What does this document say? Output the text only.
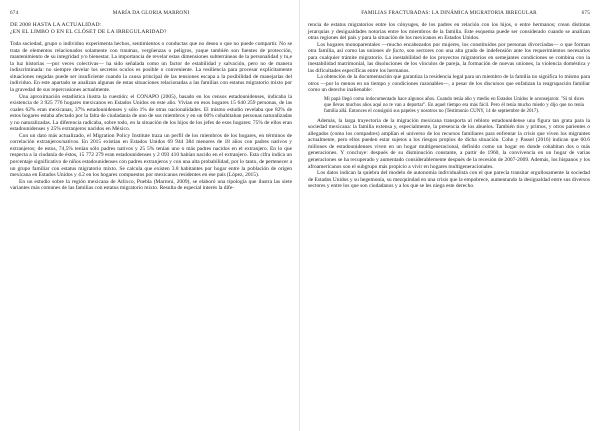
674	MARÍA DA GLORIA MARRONI
DE 2008 HASTA LA ACTUALIDAD:
¿EN EL LIMBO O EN EL CLÓSET DE LA IRREGULARIDAD?

Toda sociedad, grupo o individuo experimenta hechos, sentimientos o conductas que no desea o que no puede compartir. No se trata de elementos relacionados solamente con traumas, vergüenzas o peligros, yaque también son fuentes de protección, mantenimiento de su integridad y/o bienestar. La importancia de revelar estas dimensiones subterráneas de la personalidad y tu,e la luz historias —por veces colectivas— ha sido señalada como un factor de estabilidad y salvación, pero no de manera indiscriminada: no siempre develar los secretos oculos es posible o conveniente. La resiliencia para procesar explícitamente situaciones negadas puede ser insuficiente cuando la causa principal de las tensiones escapa a la posibilidad de manejarlas del individuo. En este apartado se analizan algunas de estas situaciones relacionadas a las familias con estatus migratorio mixto por la gravedad de sus repercusiones actualmente.

Una aproximación estadística ilustra la cuestión: el CONAPO (2005), basado en los censos estadounidenses, indicaba la existencia de 3 925 776 hogares mexicanos en Estados Unidos en este año. Vivían en esos hogares 15 640 259 personas, de las cuales 62% eran mexicanas, 37% estadounidenses y sólo 1% de otras nacionalidades. El mismo estudio revelaba que 82% de estos hogares estaba afectado por la falta de ciudadanía de uno de sus miembros y en un 60% cohabitaban personas naturalizadas y no naturalizadas. La diferencia radicaba, sobre todo, en la situación de los hijos de los jefes de esos hogares: 75% de ellos eran estadounidenses y 25% extranjeros nacidos en México.

Con un dato más actualizado, el Migration Policy Institute traza un perfil de los miembros de los hogares, en términos de correlación extranjeros/nativos. En 2015 existían en Estados Unidos 69 944 384 menores de 18 años con padres nativos y extranjeros; de estos, 74,5% tenían sólo padres nativos y 25 5% tenían uno o más padres nacidos en el extranjero. En lo que respecta a la ciudanía de éstos, 15 772 279 eran estadounidenses y 2 093 410 habían nacido en el extranjero. Esta cifra indica un porcentaje significativo de niños estadounidenses con padres extranjeros y con una alta probabilidad, por lo tanto, de pertenecer a un grupo familiar con estatus migratorio mixto. Se calcula que existen 3.8 habitantes por hogar entre la población de origen mexicana en Estados Unidos y 4.2 en los hogares compuestos por mexicanos residentes en ese país (López, 2015).

En un estudio sobre la región mexicana de Atlixco, Puebla (Marroni, 2009), se elaboró una tipología que ilustra las siete variantes más comunes de las familias con estatus migratorio mixto. Resulta de especial interés la dife-

FAMILIAS FRACTURADAS: LA DINÁMICA MIGRATORIA IRREGULAR	675

rencia de estatus migratorios entre los cónyuges, de los padres en relación con los hijos, o entre hermanos; crean distintas jerarquías y desigualdades notorias entre los miembros de la familia. Este esquema puede ser considerado cuando se analizan otras regiones del país y para la situación de los mexicanos en Estados Unidos.

Los hogares monoparentales —mucho encabezados por mujeres, los constituidos por personas divorciadas— o que forman otra familia, así como las uniones de facto, son sectores con una alta grado de indefensión ante los requerimientos necesarios para cualquier trámite migratorio. La inestabilidad de los proyectos migratorios en semejantes condiciones se combina con la inestabilidad matrimonial, las disoluciones de los vínculos de pareja, la formación de nuevas uniones, la violencia doméstica y las dificultades específicas entre los hermanos.

La obtención de la documentación que garantiza la residencia legal para un miembro de la familia no significa lo mismo para otros —por lo menos en un tiempo y condiciones razonables—, a pesar de los discursos que enfatizan la reagrupación familiar como un derecho inalienable:

Mi papá llegó como indocumentado hace algunos años. Cuando tenía año y medio en Estados Unidos le aconsejaron: "Si tú dices que llevas muchos años aquí no te van a deportar". En aquel tiempo era más fácil. Pero él tenía mucho miedo y dijo que no tenía familia allá. Entonces el consiguió sus papeles y nosotros no (Testimonio CUNY, 14 de septiembre de 2017).

Además, la larga trayectoria de la migración mexicana transporta al rebloto estadounidense una figura tan grata para la sociedad mexicana: la familia extensa y, especialmente, la presencia de los abuelos. También tíos y primos, y otros parientes o allegados (como los compadres) amplían el universo de los recursos familiares para enfrentar la crisis que viven los migrantes actualmente, pero ellos pueden estar sujetos a los riesgos propios de dicha situación. Cohn y Passel (2016) indican que 60.6 millones de estadounidenses viven en un hogar multigeneracional, definido como un hogar en donde cohabitan dos o más generaciones. Y concluye: después de su disminución constante, a partir de 1960, la convivencia en un hogar de varias generaciones se ha recuperado y aumentado considerablemente después de la recesión de 2007-2009. Además, los hispanos y los afroamericanos son el subgrupo más propicio a vivir en hogares multigeneracionales.

Los datos indican la quiebra del modelo de autonomía individualista con el que parecía transitar orgullosamente la sociedad de Estados Unidos y su hegemonía, su mezquindad en una crisis que la empobrece, aumentando la desigualdad entre sus diversos sectores y entre los que son ciudadanos y a los que se les niega este derecho.
